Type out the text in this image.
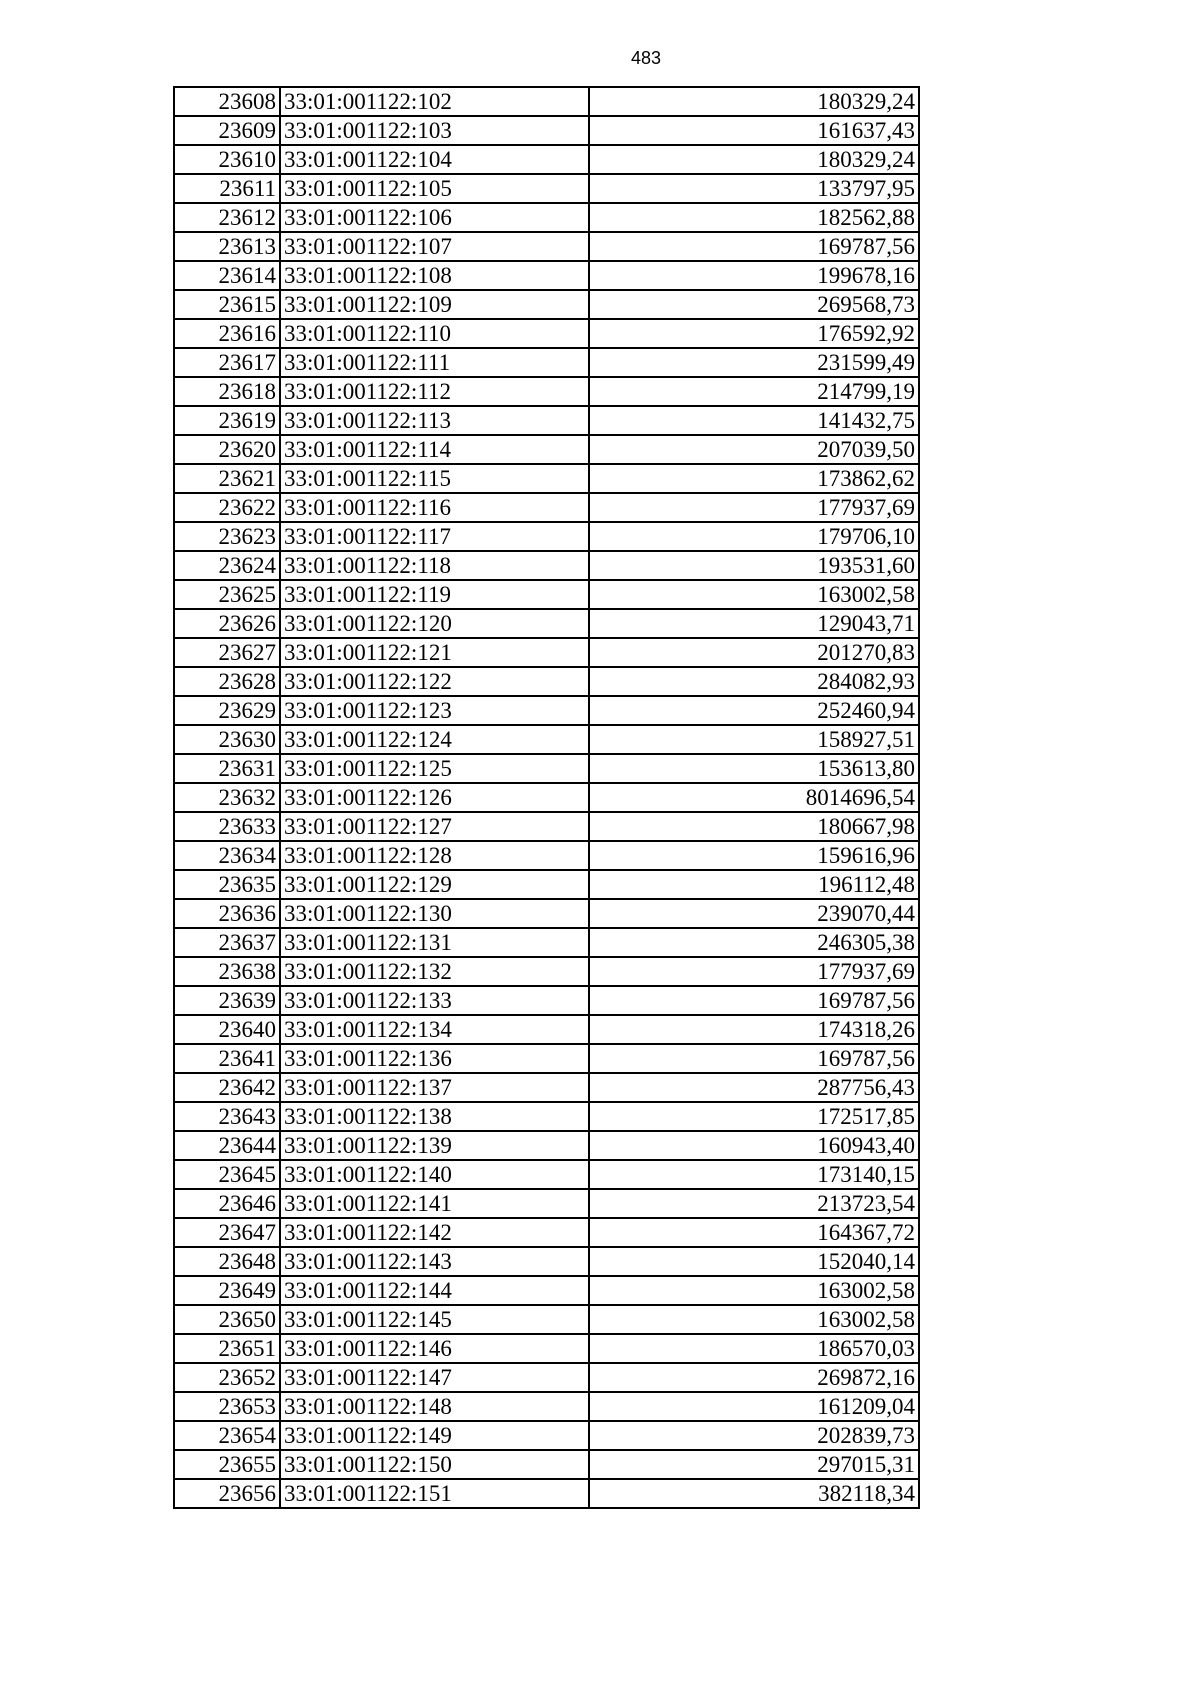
483
23608	33:01:001122:102	180329,24
23609	33:01:001122:103	161637,43
23610	33:01:001122:104	180329,24
23611	33:01:001122:105	133797,95
23612	33:01:001122:106	182562,88
23613	33:01:001122:107	169787,56
23614	33:01:001122:108	199678,16
23615	33:01:001122:109	269568,73
23616	33:01:001122:110	176592,92
23617	33:01:001122:111	231599,49
23618	33:01:001122:112	214799,19
23619	33:01:001122:113	141432,75
23620	33:01:001122:114	207039,50
23621	33:01:001122:115	173862,62
23622	33:01:001122:116	177937,69
23623	33:01:001122:117	179706,10
23624	33:01:001122:118	193531,60
23625	33:01:001122:119	163002,58
23626	33:01:001122:120	129043,71
23627	33:01:001122:121	201270,83
23628	33:01:001122:122	284082,93
23629	33:01:001122:123	252460,94
23630	33:01:001122:124	158927,51
23631	33:01:001122:125	153613,80
23632	33:01:001122:126	8014696,54
23633	33:01:001122:127	180667,98
23634	33:01:001122:128	159616,96
23635	33:01:001122:129	196112,48
23636	33:01:001122:130	239070,44
23637	33:01:001122:131	246305,38
23638	33:01:001122:132	177937,69
23639	33:01:001122:133	169787,56
23640	33:01:001122:134	174318,26
23641	33:01:001122:136	169787,56
23642	33:01:001122:137	287756,43
23643	33:01:001122:138	172517,85
23644	33:01:001122:139	160943,40
23645	33:01:001122:140	173140,15
23646	33:01:001122:141	213723,54
23647	33:01:001122:142	164367,72
23648	33:01:001122:143	152040,14
23649	33:01:001122:144	163002,58
23650	33:01:001122:145	163002,58
23651	33:01:001122:146	186570,03
23652	33:01:001122:147	269872,16
23653	33:01:001122:148	161209,04
23654	33:01:001122:149	202839,73
23655	33:01:001122:150	297015,31
23656	33:01:001122:151	382118,34
